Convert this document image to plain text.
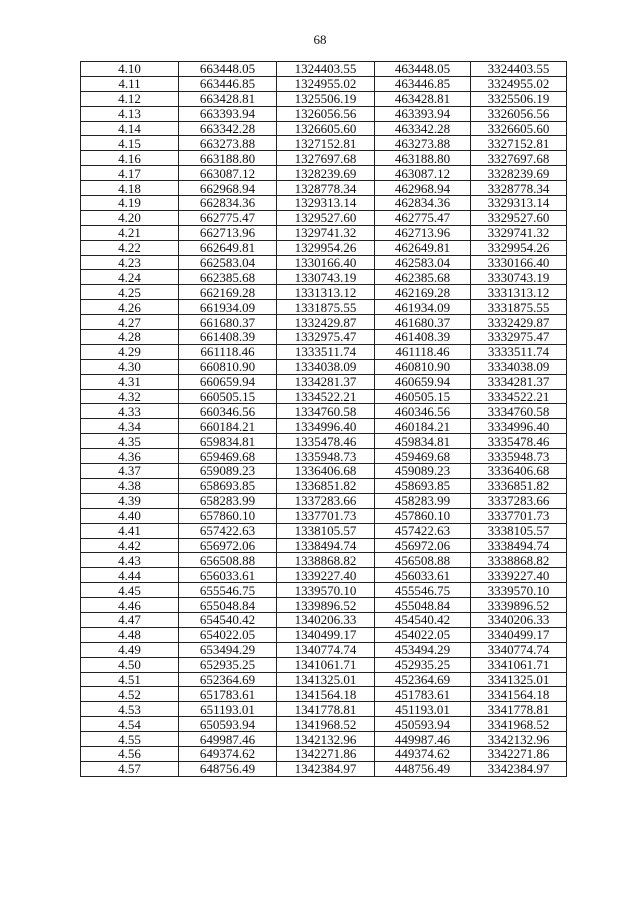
68
4.10	663448.05	1324403.55	463448.05	3324403.55
4.11	663446.85	1324955.02	463446.85	3324955.02
4.12	663428.81	1325506.19	463428.81	3325506.19
4.13	663393.94	1326056.56	463393.94	3326056.56
4.14	663342.28	1326605.60	463342.28	3326605.60
4.15	663273.88	1327152.81	463273.88	3327152.81
4.16	663188.80	1327697.68	463188.80	3327697.68
4.17	663087.12	1328239.69	463087.12	3328239.69
4.18	662968.94	1328778.34	462968.94	3328778.34
4.19	662834.36	1329313.14	462834.36	3329313.14
4.20	662775.47	1329527.60	462775.47	3329527.60
4.21	662713.96	1329741.32	462713.96	3329741.32
4.22	662649.81	1329954.26	462649.81	3329954.26
4.23	662583.04	1330166.40	462583.04	3330166.40
4.24	662385.68	1330743.19	462385.68	3330743.19
4.25	662169.28	1331313.12	462169.28	3331313.12
4.26	661934.09	1331875.55	461934.09	3331875.55
4.27	661680.37	1332429.87	461680.37	3332429.87
4.28	661408.39	1332975.47	461408.39	3332975.47
4.29	661118.46	1333511.74	461118.46	3333511.74
4.30	660810.90	1334038.09	460810.90	3334038.09
4.31	660659.94	1334281.37	460659.94	3334281.37
4.32	660505.15	1334522.21	460505.15	3334522.21
4.33	660346.56	1334760.58	460346.56	3334760.58
4.34	660184.21	1334996.40	460184.21	3334996.40
4.35	659834.81	1335478.46	459834.81	3335478.46
4.36	659469.68	1335948.73	459469.68	3335948.73
4.37	659089.23	1336406.68	459089.23	3336406.68
4.38	658693.85	1336851.82	458693.85	3336851.82
4.39	658283.99	1337283.66	458283.99	3337283.66
4.40	657860.10	1337701.73	457860.10	3337701.73
4.41	657422.63	1338105.57	457422.63	3338105.57
4.42	656972.06	1338494.74	456972.06	3338494.74
4.43	656508.88	1338868.82	456508.88	3338868.82
4.44	656033.61	1339227.40	456033.61	3339227.40
4.45	655546.75	1339570.10	455546.75	3339570.10
4.46	655048.84	1339896.52	455048.84	3339896.52
4.47	654540.42	1340206.33	454540.42	3340206.33
4.48	654022.05	1340499.17	454022.05	3340499.17
4.49	653494.29	1340774.74	453494.29	3340774.74
4.50	652935.25	1341061.71	452935.25	3341061.71
4.51	652364.69	1341325.01	452364.69	3341325.01
4.52	651783.61	1341564.18	451783.61	3341564.18
4.53	651193.01	1341778.81	451193.01	3341778.81
4.54	650593.94	1341968.52	450593.94	3341968.52
4.55	649987.46	1342132.96	449987.46	3342132.96
4.56	649374.62	1342271.86	449374.62	3342271.86
4.57	648756.49	1342384.97	448756.49	3342384.97
